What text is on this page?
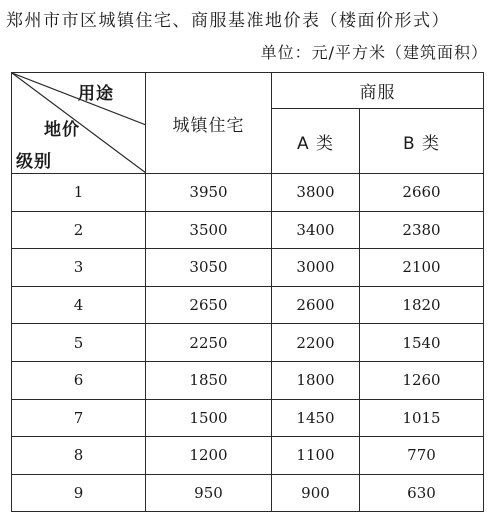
郑州市市区城镇住宅、商服基准地价表（楼面价形式）
单位：元/平方米（建筑面积）
用途
地价
级别	城镇住宅	商服	
		A 类	B 类
1	3950	3800	2660
2	3500	3400	2380
3	3050	3000	2100
4	2650	2600	1820
5	2250	2200	1540
6	1850	1800	1260
7	1500	1450	1015
8	1200	1100	770
9	950	900	630
